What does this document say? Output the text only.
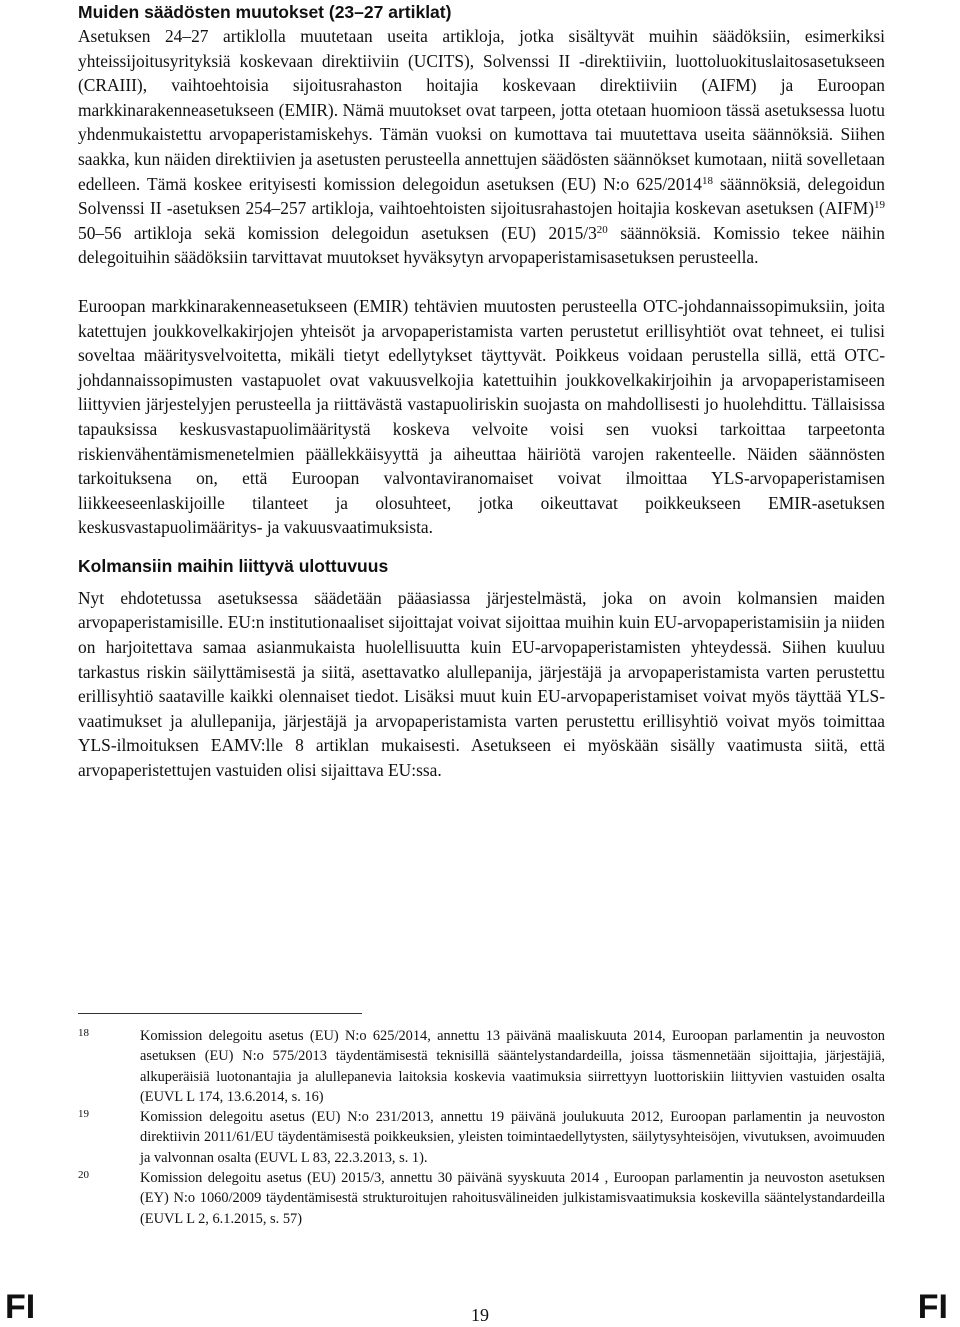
Muiden säädösten muutokset (23–27 artiklat)

Asetuksen 24–27 artiklolla muutetaan useita artikloja, jotka sisältyvät muihin säädöksiin, esimerkiksi yhteissijoitusyrityksiä koskevaan direktiiviin (UCITS), Solvenssi II -direktiiviin, luottoluokituslaitosasetukseen (CRAIII), vaihtoehtoisia sijoitusrahaston hoitajia koskevaan direktiiviin (AIFM) ja Euroopan markkinarakenneasetukseen (EMIR). Nämä muutokset ovat tarpeen, jotta otetaan huomioon tässä asetuksessa luotu yhdenmukaistettu arvopaperistamiskehys. Tämän vuoksi on kumottava tai muutettava useita säännöksiä. Siihen saakka, kun näiden direktiivien ja asetusten perusteella annettujen säädösten säännökset kumotaan, niitä sovelletaan edelleen. Tämä koskee erityisesti komission delegoidun asetuksen (EU) N:o 625/2014$^{18}$ säännöksiä, delegoidun Solvenssi II -asetuksen 254–257 artikloja, vaihtoehtoisten sijoitusrahastojen hoitajia koskevan asetuksen (AIFM)$^{19}$ 50–56 artikloja sekä komission delegoidun asetuksen (EU) $2015/3^{20}$ säännöksiä. Komissio tekee näihin delegoituihin säädöksiin tarvittavat muutokset hyväksytyn arvopaperistamisasetuksen perusteella.

Euroopan markkinarakenneasetukseen (EMIR) tehtävien muutosten perusteella OTC-johdannaissopimuksiin, joita katettujen joukkovelkakirjojen yhteisöt ja arvopaperistamista varten perustetut erillisyhtiöt ovat tehneet, ei tulisi soveltaa määritysvelvoitetta, mikäli tietyt edellytykset täyttyvät. Poikkeus voidaan perustella sillä, että OTC-johdannaissopimusten vastapuolet ovat vakuusvelkojia katettuihin joukkovelkakirjoihin ja arvopaperistamiseen liittyvien järjestelyjen perusteella ja riittävästä vastapuoliriskin suojasta on mahdollisesti jo huolehdittu. Tällaisissa tapauksissa keskusvastapuolimääritystä koskeva velvoite voisi sen vuoksi tarkoittaa tarpeetonta riskienvähentämismenetelmien päällekkäisyyttä ja aiheuttaa häiriötä varojen rakenteelle. Näiden säännösten tarkoituksena on, että Euroopan valvontaviranomaiset voivat ilmoittaa YLS-arvopaperistamisen liikkeeseenlaskijoille tilanteet ja olosuhteet, jotka oikeuttavat poikkeukseen EMIR-asetuksen keskusvastapuolimääritys- ja vakuusvaatimuksista.

Kolmansiin maihin liittyvä ulottuvuus

Nyt ehdotetussa asetuksessa säädetään pääasiassa järjestelmästä, joka on avoin kolmansien maiden arvopaperistamisille. EU:n institutionaaliset sijoittajat voivat sijoittaa muihin kuin EU-arvopaperistamisiin ja niiden on harjoitettava samaa asianmukaista huolellisuutta kuin EU-arvopaperistamisten yhteydessä. Siihen kuuluu tarkastus riskin säilyttämisestä ja siitä, asettavatko alullepanija, järjestäjä ja arvopaperistamista varten perustettu erillisyhtiö saataville kaikki olennaiset tiedot. Lisäksi muut kuin EU-arvopaperistamiset voivat myös täyttää YLS-vaatimukset ja alullepanija, järjestäjä ja arvopaperistamista varten perustettu erillisyhtiö voivat myös toimittaa YLS-ilmoituksen EAMV:lle 8 artiklan mukaisesti. Asetukseen ei myöskään sisälly vaatimusta siitä, että arvopaperistettujen vastuiden olisi sijaittava EU:ssa.

18	Komission delegoitu asetus (EU) N:o 625/2014, annettu 13 päivänä maaliskuuta 2014, Euroopan parlamentin ja neuvoston asetuksen (EU) N:o 575/2013 täydentämisestä teknisillä sääntelystandardeilla, joissa täsmennetään sijoittajia, järjestäjiä, alkuperäisiä luotonantajia ja alullepanevia laitoksia koskevia vaatimuksia siirrettyyn luottoriskiin liittyvien vastuiden osalta (EUVL L 174, 13.6.2014, s. 16)
19	Komission delegoitu asetus (EU) N:o 231/2013, annettu 19 päivänä joulukuuta 2012, Euroopan parlamentin ja neuvoston direktiivin 2011/61/EU täydentämisestä poikkeuksien, yleisten toimintaedellytysten, säilytysyhteisöjen, vivutuksen, avoimuuden ja valvonnan osalta (EUVL L 83, 22.3.2013, s. 1).
20	Komission delegoitu asetus (EU) 2015/3, annettu 30 päivänä syyskuuta 2014 , Euroopan parlamentin ja neuvoston asetuksen (EY) N:o 1060/2009 täydentämisestä strukturoitujen rahoitusvälineiden julkistamisvaatimuksia koskevilla sääntelystandardeilla (EUVL L 2, 6.1.2015, s. 57)
FI	19	FI
